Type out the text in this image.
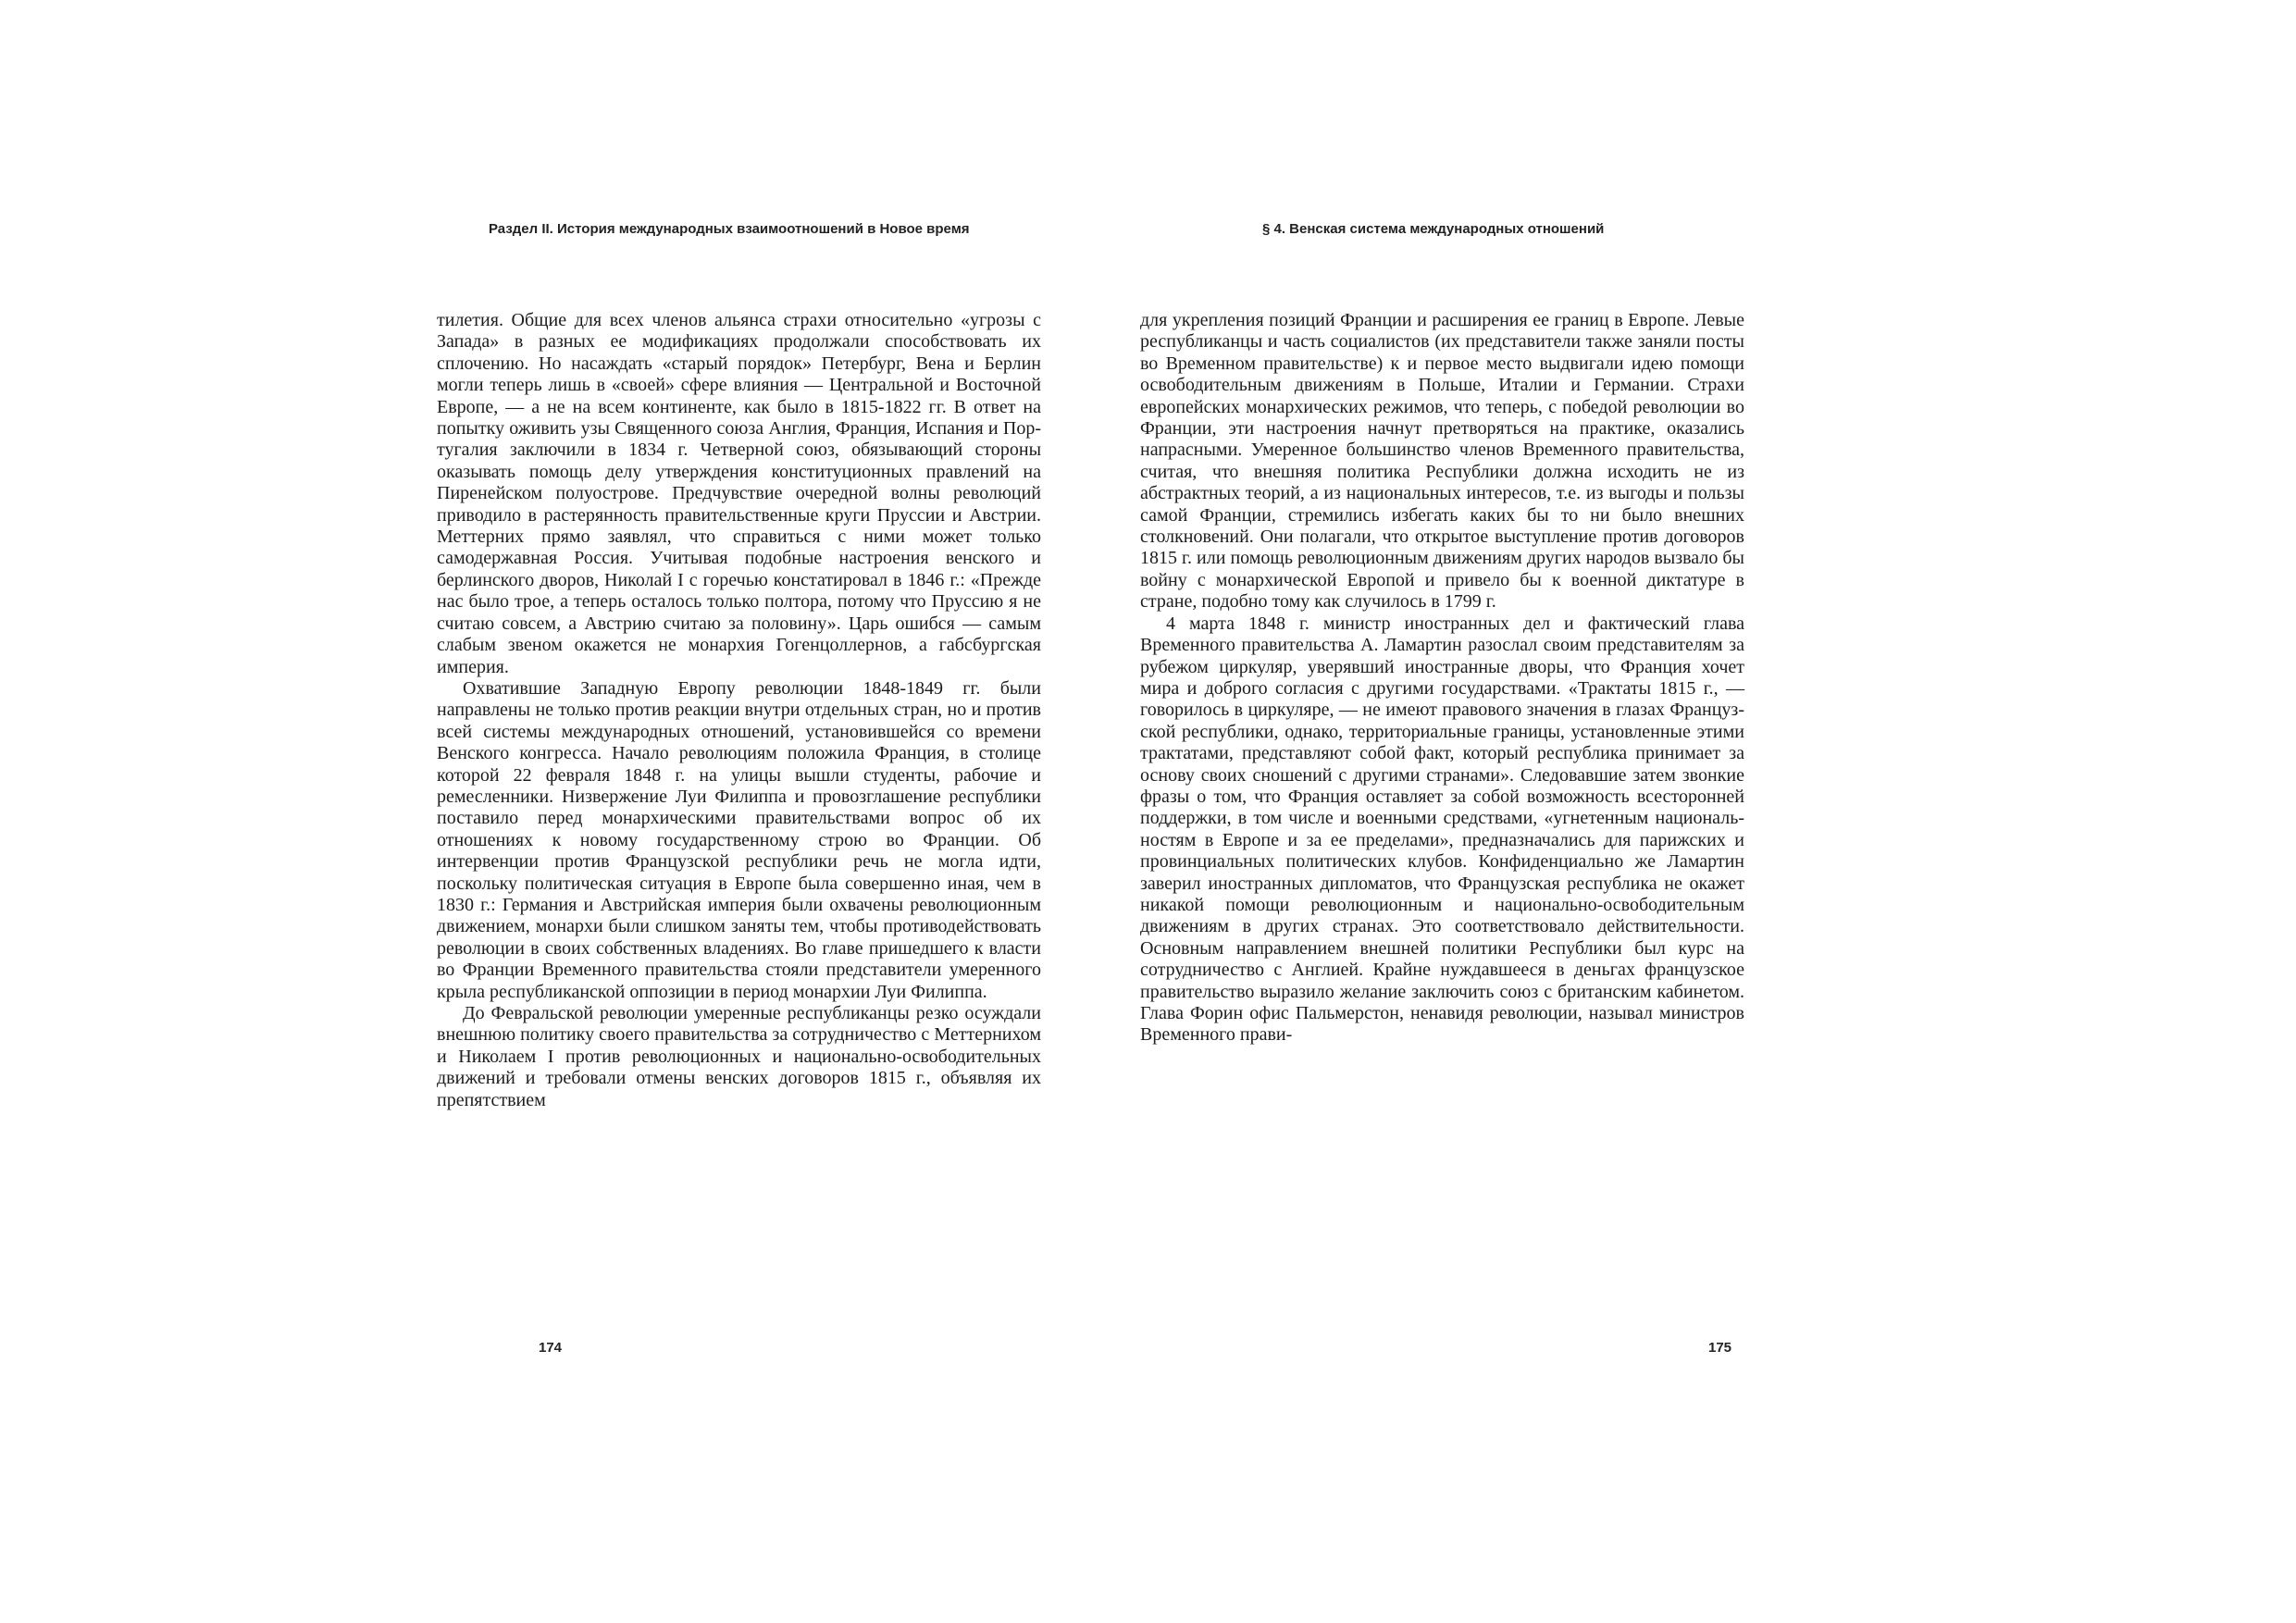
Раздел II. История международных взаимоотношений в Новое время	§ 4. Венская система международных отношений

тилетия. Общие для всех членов альянса страхи относительно «угрозы с Запада» в разных ее модификациях продолжали способствовать их сплочению. Но насаждать «старый порядок» Петербург, Вена и Берлин могли теперь лишь в «своей» сфере влияния — Центральной и Восточной Европе, — а не на всем континенте, как было в 1815-1822 гг. В ответ на попытку оживить узы Священного союза Англия, Франция, Испания и Португалия заключили в 1834 г. Четверной союз, обязывающий стороны оказывать помощь делу утверждения конституционных правлений на Пиренейском полуострове. Предчувствие очередной волны революций приводило в растерянность правительственные круги Пруссии и Австрии. Меттерних прямо заявлял, что справиться с ними может только самодержавная Россия. Учитывая подобные настроения венского и берлинского дворов, Николай I с горечью констатировал в 1846 г.: «Прежде нас было трое, а теперь осталось только полтора, потому что Пруссию я не считаю совсем, а Австрию считаю за половину». Царь ошибся — самым слабым звеном окажется не монархия Гогенцоллернов, а габсбургская империя.

Охватившие Западную Европу революции 1848-1849 гг. были направлены не только против реакции внутри отдельных стран, но и против всей системы международных отношений, установившейся со времени Венского конгресса. Начало революциям положила Франция, в столице которой 22 февраля 1848 г. на улицы вышли студенты, рабочие и ремесленники. Низвержение Луи Филиппа и провозглашение республики поставило перед монархическими правительствами вопрос об их отношениях к новому государственному строю во Франции. Об интервенции против Французской республики речь не могла идти, поскольку политическая ситуация в Европе была совершенно иная, чем в 1830 г.: Германия и Австрийская империя были охвачены революционным движением, монархи были слишком заняты тем, чтобы противодействовать революции в своих собственных владениях. Во главе пришедшего к власти во Франции Временного правительства стояли представители умеренного крыла республиканской оппозиции в период монархии Луи Филиппа.

До Февральской революции умеренные республиканцы резко осуждали внешнюю политику своего правительства за сотрудничество с Меттернихом и Николаем I против революционных и национально-освободительных движений и требовали отмены венских договоров 1815 г., объявляя их препятствием

для укрепления позиций Франции и расширения ее границ в Европе. Левые республиканцы и часть социалистов (их представители также заняли посты во Временном правительстве) к и первое место выдвигали идею помощи освободительным движениям в Польше, Италии и Германии. Страхи европейских монархических режимов, что теперь, с победой революции во Франции, эти настроения начнут претворяться на практике, оказались напрасными. Умеренное большинство членов Временного правительства, считая, что внешняя политика Республики должна исходить не из абстрактных теорий, а из национальных интересов, т.е. из выгоды и пользы самой Франции, стремились избегать каких бы то ни было внешних столкновений. Они полагали, что открытое выступление против договоров 1815 г. или помощь революционным движениям других народов вызвало бы войну с монархической Европой и привело бы к военной диктатуре в стране, подобно тому как случилось в 1799 г.

4 марта 1848 г. министр иностранных дел и фактический глава Временного правительства А. Ламартин разослал своим представителям за рубежом циркуляр, уверявший иностранные дворы, что Франция хочет мира и доброго согласия с другими государствами. «Трактаты 1815 г., — говорилось в циркуляре, — не имеют правового значения в глазах Французской республики, однако, территориальные границы, установленные этими трактатами, представляют собой факт, который республика принимает за основу своих сношений с другими странами». Следовавшие затем звонкие фразы о том, что Франция оставляет за собой возможность всесторонней поддержки, в том числе и военными средствами, «угнетенным национальностям в Европе и за ее пределами», предназначались для парижских и провинциальных политических клубов. Конфиденциально же Ламартин заверил иностранных дипломатов, что Французская республика не окажет никакой помощи революционным и национально-освободительным движениям в других странах. Это соответствовало действительности. Основным направлением внешней политики Республики был курс на сотрудничество с Англией. Крайне нуждавшееся в деньгах французское правительство выразило желание заключить союз с британским кабинетом. Глава Форин офис Пальмерстон, ненавидя революции, называл министров Временного прави-

174	175
